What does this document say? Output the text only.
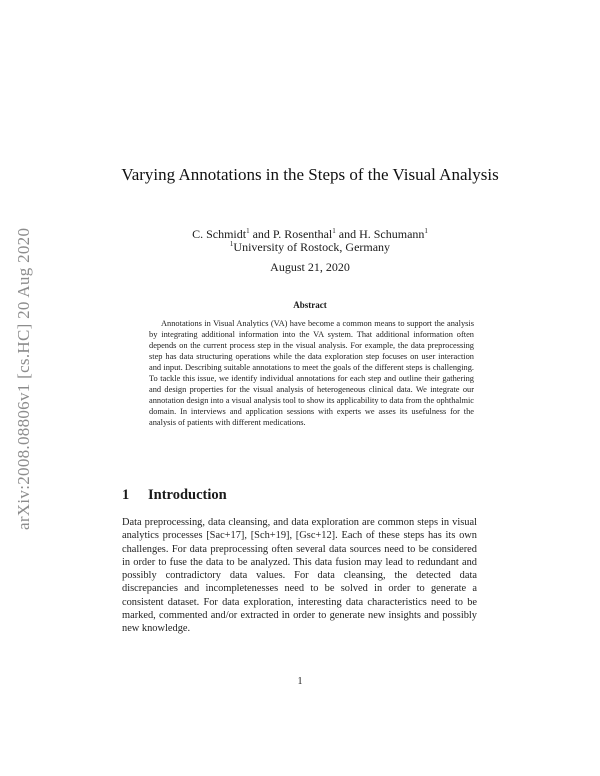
arXiv:2008.08806v1 [cs.HC] 20 Aug 2020
Varying Annotations in the Steps of the Visual Analysis
C. Schmidt$^1$ and P. Rosenthal$^1$ and H. Schumann$^1$
$^1$University of Rostock, Germany
August 21, 2020
Abstract
Annotations in Visual Analytics (VA) have become a common means to support the analysis by integrating additional information into the VA system. That additional information often depends on the current process step in the visual analysis. For example, the data preprocessing step has data structuring operations while the data exploration step focuses on user interaction and input. Describing suitable annotations to meet the goals of the different steps is challenging. To tackle this issue, we identify individual annotations for each step and outline their gathering and design properties for the visual analysis of heterogeneous clinical data. We integrate our annotation design into a visual analysis tool to show its applicability to data from the ophthalmic domain. In interviews and application sessions with experts we asses its usefulness for the analysis of patients with different medications.
1 Introduction
Data preprocessing, data cleansing, and data exploration are common steps in visual analytics processes [Sac+17], [Sch+19], [Gsc+12]. Each of these steps has its own challenges. For data preprocessing often several data sources need to be considered in order to fuse the data to be analyzed. This data fusion may lead to redundant and possibly contradictory data values. For data cleansing, the detected data discrepancies and incompletenesses need to be solved in order to generate a consistent dataset. For data exploration, interesting data characteristics need to be marked, commented and/or extracted in order to generate new insights and possibly new knowledge.
1
